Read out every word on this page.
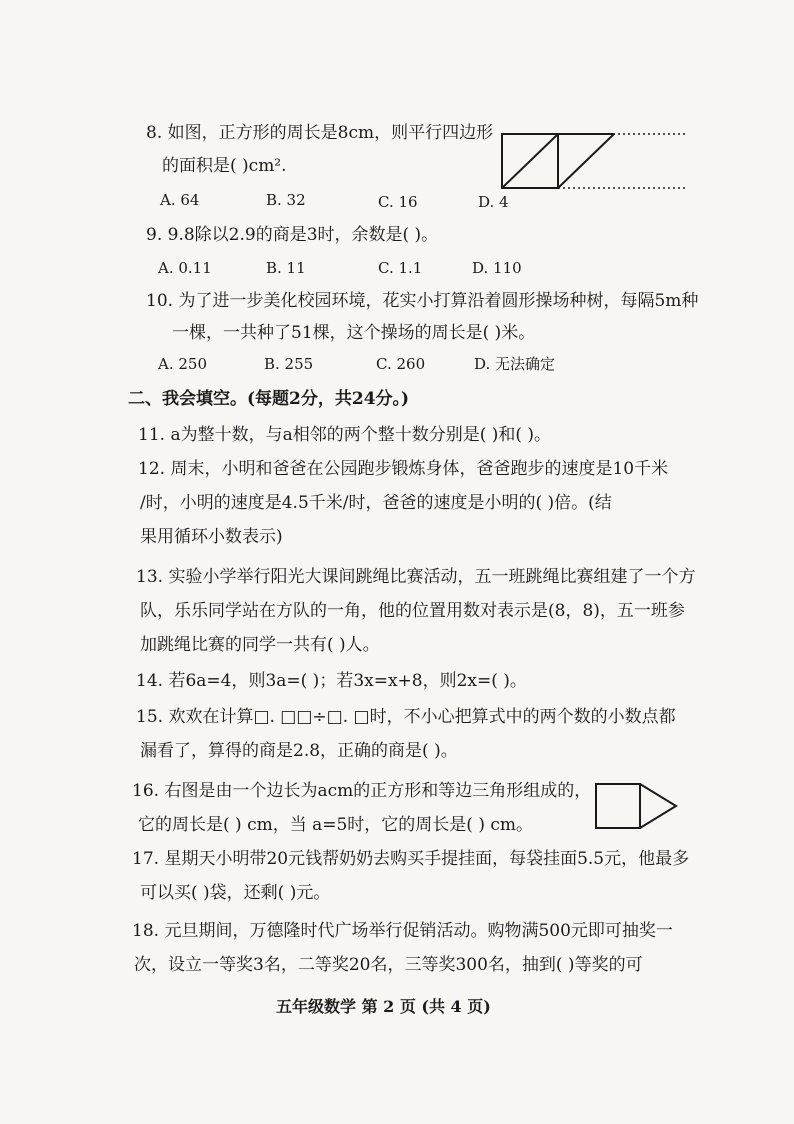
8. 如图，正方形的周长是8cm，则平行四边形
的面积是( )cm².
A. 64	B. 32	C. 16	D. 4
9. 9.8除以2.9的商是3时，余数是( )。
A. 0.11	B. 11	C. 1.1	D. 110
10. 为了进一步美化校园环境，花实小打算沿着圆形操场种树，每隔5m种
一棵，一共种了51棵，这个操场的周长是( )米。
A. 250	B. 255	C. 260	D. 无法确定
二、我会填空。(每题2分，共24分。)
11. a为整十数，与a相邻的两个整十数分别是( )和( )。
12. 周末，小明和爸爸在公园跑步锻炼身体，爸爸跑步的速度是10千米
/时，小明的速度是4.5千米/时，爸爸的速度是小明的( )倍。(结
果用循环小数表示)
13. 实验小学举行阳光大课间跳绳比赛活动，五一班跳绳比赛组建了一个方
队，乐乐同学站在方队的一角，他的位置用数对表示是(8，8)，五一班参
加跳绳比赛的同学一共有( )人。
14. 若6a=4，则3a=( )；若3x=x+8，则2x=( )。
15. 欢欢在计算□. □□÷□. □时，不小心把算式中的两个数的小数点都
漏看了，算得的商是2.8，正确的商是( )。
16. 右图是由一个边长为acm的正方形和等边三角形组成的，
它的周长是( ) cm，当 a=5时，它的周长是( ) cm。
17. 星期天小明带20元钱帮奶奶去购买手提挂面，每袋挂面5.5元，他最多
可以买( )袋，还剩( )元。
18. 元旦期间，万德隆时代广场举行促销活动。购物满500元即可抽奖一
次，设立一等奖3名，二等奖20名，三等奖300名，抽到( )等奖的可
五年级数学 第 2 页 (共 4 页)
